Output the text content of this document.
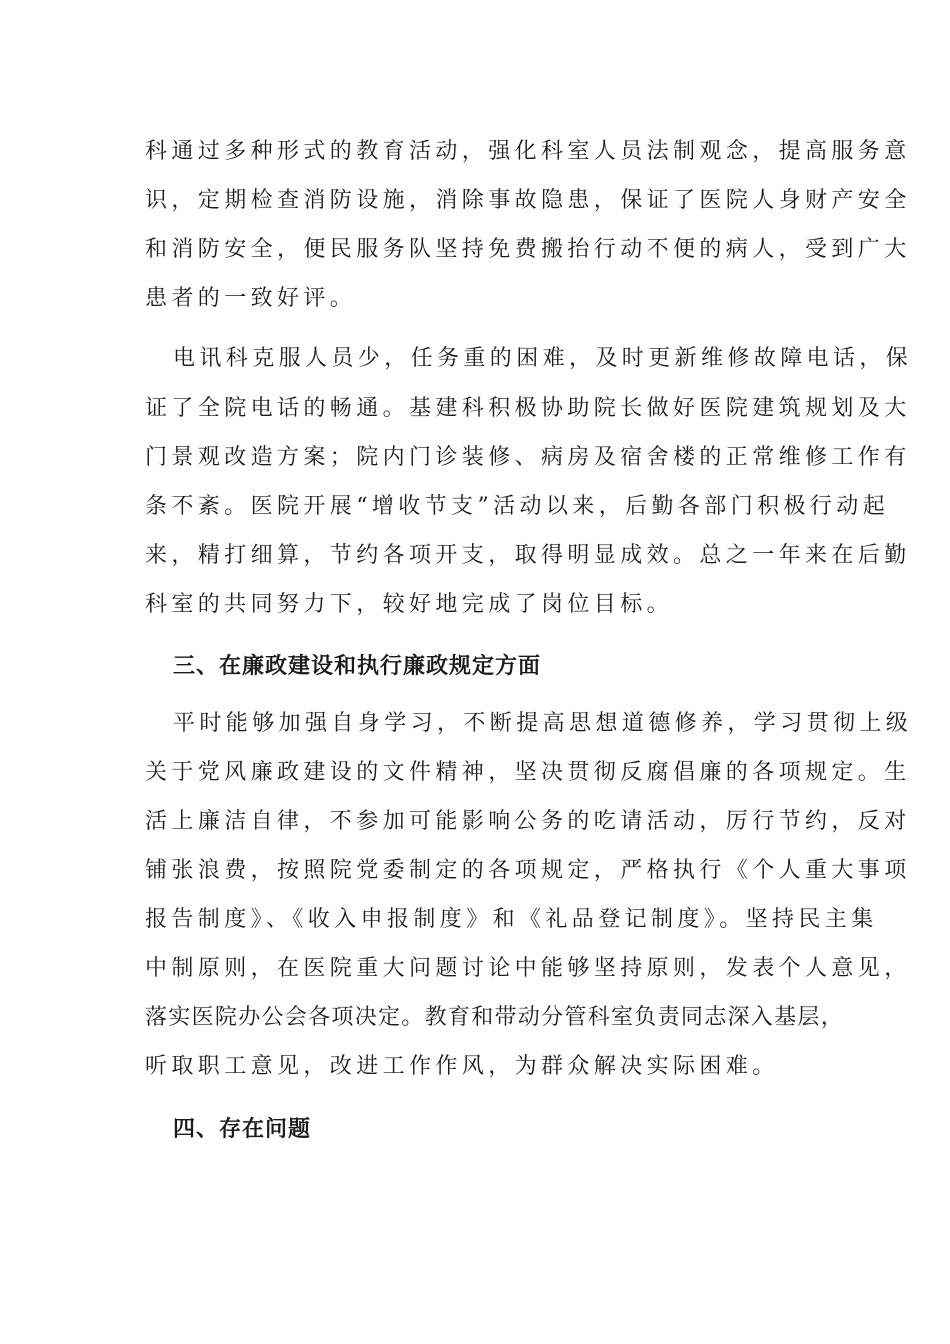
科通过多种形式的教育活动，强化科室人员法制观念，提高服务意
识，定期检查消防设施，消除事故隐患，保证了医院人身财产安全
和消防安全，便民服务队坚持免费搬抬行动不便的病人，受到广大
患者的一致好评。
电讯科克服人员少，任务重的困难，及时更新维修故障电话，保
证了全院电话的畅通。基建科积极协助院长做好医院建筑规划及大
门景观改造方案；院内门诊装修、病房及宿舍楼的正常维修工作有
条不紊。医院开展“增收节支”活动以来，后勤各部门积极行动起
来，精打细算，节约各项开支，取得明显成效。总之一年来在后勤
科室的共同努力下，较好地完成了岗位目标。
三、在廉政建设和执行廉政规定方面
平时能够加强自身学习，不断提高思想道德修养，学习贯彻上级
关于党风廉政建设的文件精神，坚决贯彻反腐倡廉的各项规定。生
活上廉洁自律，不参加可能影响公务的吃请活动，厉行节约，反对
铺张浪费，按照院党委制定的各项规定，严格执行《个人重大事项
报告制度》、《收入申报制度》和《礼品登记制度》。坚持民主集
中制原则，在医院重大问题讨论中能够坚持原则，发表个人意见，
落实医院办公会各项决定。教育和带动分管科室负责同志深入基层，
听取职工意见，改进工作作风，为群众解决实际困难。
四、存在问题
